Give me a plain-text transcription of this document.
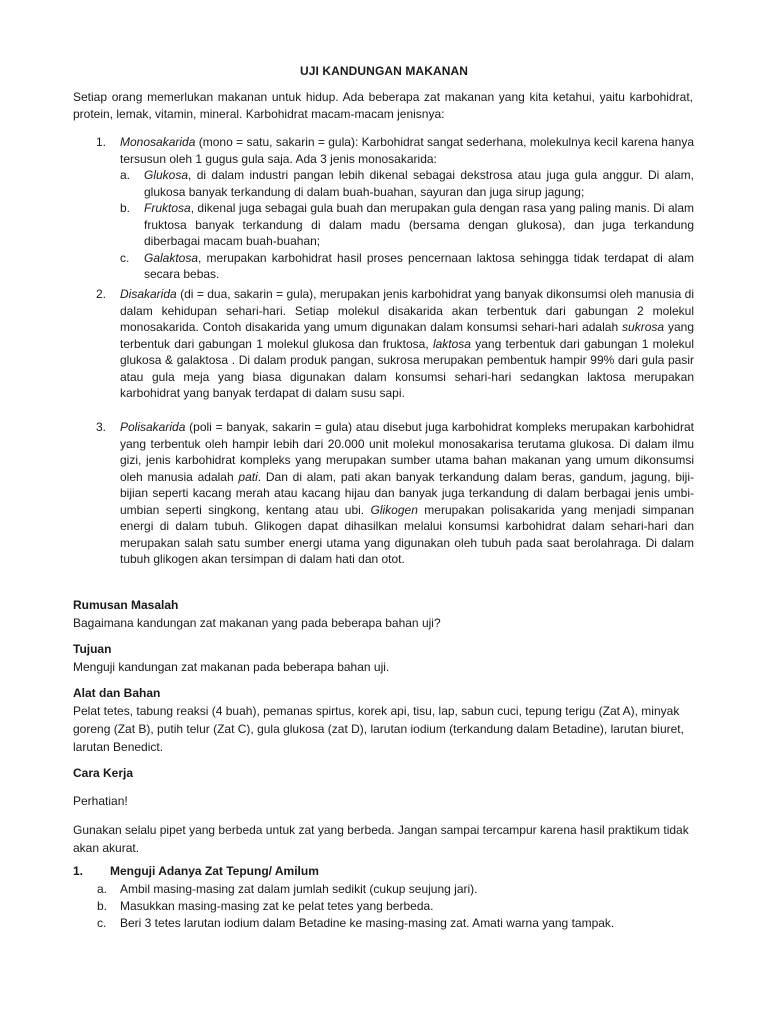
UJI KANDUNGAN MAKANAN

Setiap orang memerlukan makanan untuk hidup. Ada beberapa zat makanan yang kita ketahui, yaitu karbohidrat, protein, lemak, vitamin, mineral. Karbohidrat macam-macam jenisnya:

1. Monosakarida (mono = satu, sakarin = gula): Karbohidrat sangat sederhana, molekulnya kecil karena hanya tersusun oleh 1 gugus gula saja. Ada 3 jenis monosakarida:
a. Glukosa, di dalam industri pangan lebih dikenal sebagai dekstrosa atau juga gula anggur. Di alam, glukosa banyak terkandung di dalam buah-buahan, sayuran dan juga sirup jagung;
b. Fruktosa, dikenal juga sebagai gula buah dan merupakan gula dengan rasa yang paling manis. Di alam fruktosa banyak terkandung di dalam madu (bersama dengan glukosa), dan juga terkandung diberbagai macam buah-buahan;
c. Galaktosa, merupakan karbohidrat hasil proses pencernaan laktosa sehingga tidak terdapat di alam secara bebas.
2. Disakarida (di = dua, sakarin = gula), merupakan jenis karbohidrat yang banyak dikonsumsi oleh manusia di dalam kehidupan sehari-hari. Setiap molekul disakarida akan terbentuk dari gabungan 2 molekul monosakarida. Contoh disakarida yang umum digunakan dalam konsumsi sehari-hari adalah sukrosa yang terbentuk dari gabungan 1 molekul glukosa dan fruktosa, laktosa yang terbentuk dari gabungan 1 molekul glukosa & galaktosa . Di dalam produk pangan, sukrosa merupakan pembentuk hampir 99% dari gula pasir atau gula meja yang biasa digunakan dalam konsumsi sehari-hari sedangkan laktosa merupakan karbohidrat yang banyak terdapat di dalam susu sapi.
3. Polisakarida (poli = banyak, sakarin = gula) atau disebut juga karbohidrat kompleks merupakan karbohidrat yang terbentuk oleh hampir lebih dari 20.000 unit molekul monosakarisa terutama glukosa. Di dalam ilmu gizi, jenis karbohidrat kompleks yang merupakan sumber utama bahan makanan yang umum dikonsumsi oleh manusia adalah pati. Dan di alam, pati akan banyak terkandung dalam beras, gandum, jagung, biji-bijian seperti kacang merah atau kacang hijau dan banyak juga terkandung di dalam berbagai jenis umbi-umbian seperti singkong, kentang atau ubi. Glikogen merupakan polisakarida yang menjadi simpanan energi di dalam tubuh. Glikogen dapat dihasilkan melalui konsumsi karbohidrat dalam sehari-hari dan merupakan salah satu sumber energi utama yang digunakan oleh tubuh pada saat berolahraga. Di dalam tubuh glikogen akan tersimpan di dalam hati dan otot.
Rumusan Masalah
Bagaimana kandungan zat makanan yang pada beberapa bahan uji?
Tujuan
Menguji kandungan zat makanan pada beberapa bahan uji.
Alat dan Bahan
Pelat tetes, tabung reaksi (4 buah), pemanas spirtus, korek api, tisu, lap, sabun cuci, tepung terigu (Zat A), minyak goreng (Zat B), putih telur (Zat C), gula glukosa (zat D), larutan iodium (terkandung dalam Betadine), larutan biuret, larutan Benedict.
Cara Kerja
Perhatian!
Gunakan selalu pipet yang berbeda untuk zat yang berbeda. Jangan sampai tercampur karena hasil praktikum tidak akan akurat.
1. Menguji Adanya Zat Tepung/ Amilum
a. Ambil masing-masing zat dalam jumlah sedikit (cukup seujung jari).
b. Masukkan masing-masing zat ke pelat tetes yang berbeda.
c. Beri 3 tetes larutan iodium dalam Betadine ke masing-masing zat. Amati warna yang tampak.
